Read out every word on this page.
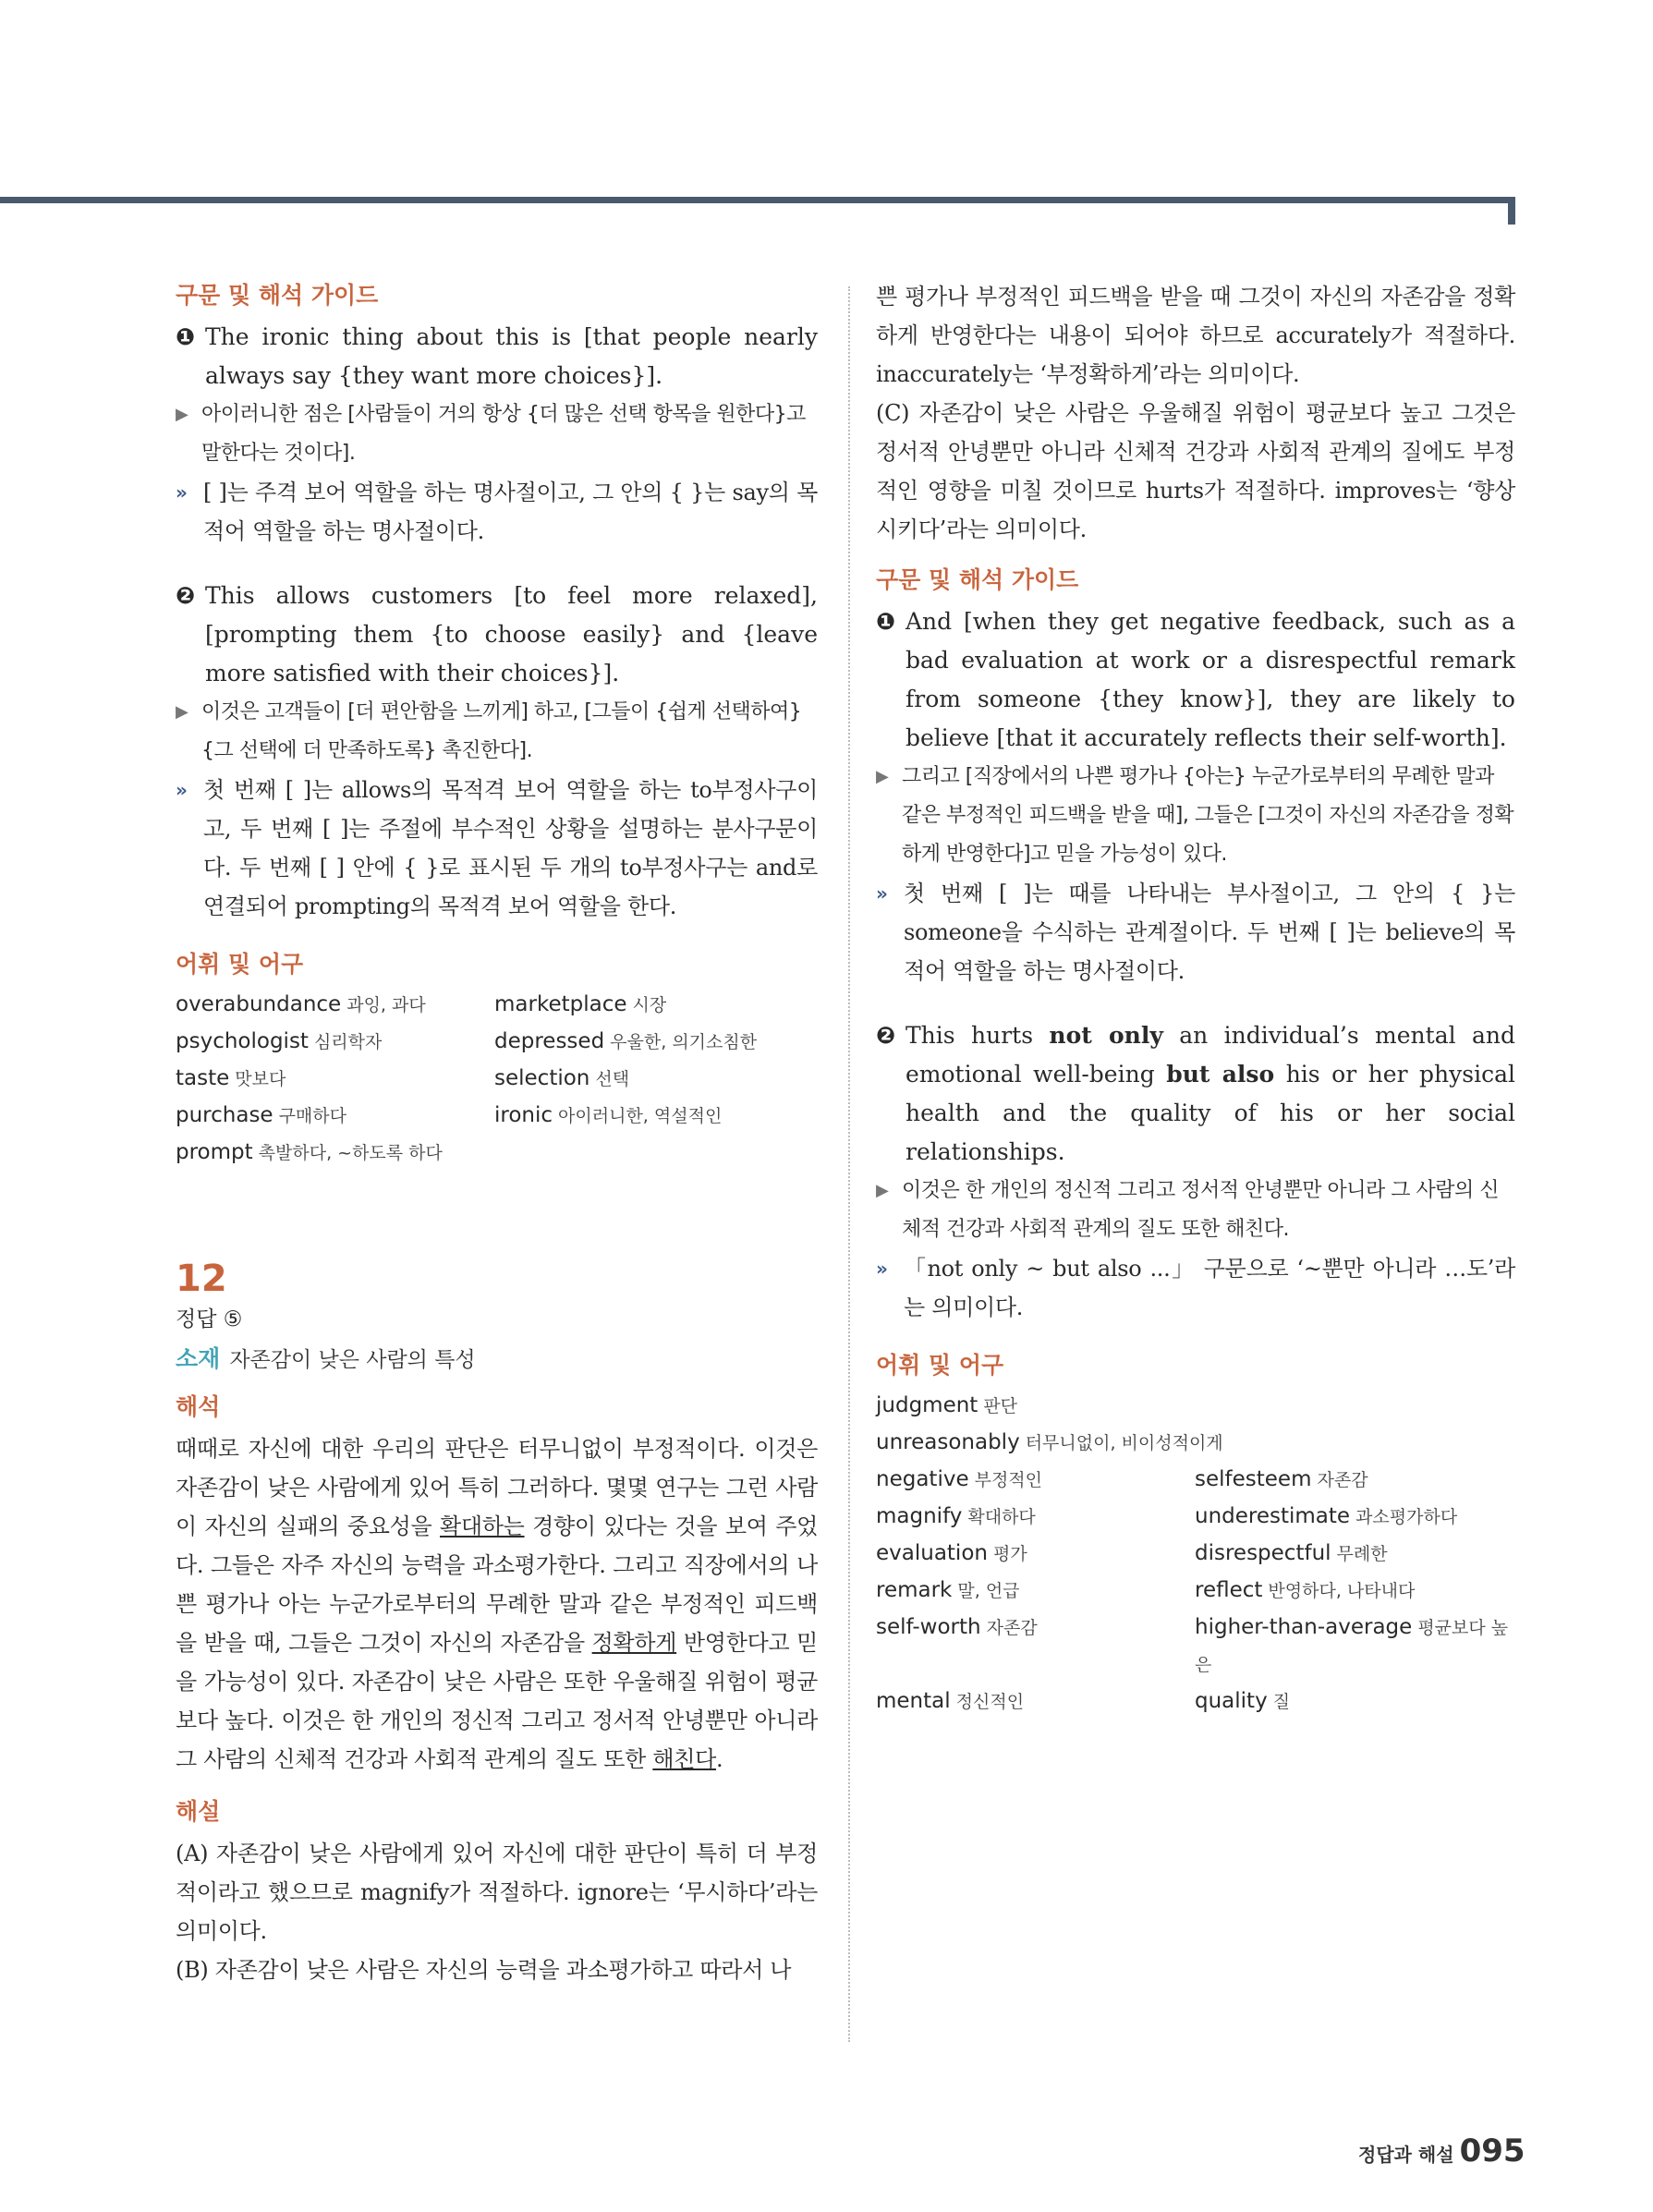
구문 및 해석 가이드
❶ The ironic thing about this is [that people nearly always say {they want more choices}].
▶ 아이러니한 점은 [사람들이 거의 항상 {더 많은 선택 항목을 원한다}고 말한다는 것이다].
» [ ]는 주격 보어 역할을 하는 명사절이고, 그 안의 { }는 say의 목적어 역할을 하는 명사절이다.
❷ This allows customers [to feel more relaxed], [prompting them {to choose easily} and {leave more satisfied with their choices}].
▶ 이것은 고객들이 [더 편안함을 느끼게] 하고, [그들이 {쉽게 선택하여} {그 선택에 더 만족하도록} 촉진한다].
» 첫 번째 [ ]는 allows의 목적격 보어 역할을 하는 to부정사구이고, 두 번째 [ ]는 주절에 부수적인 상황을 설명하는 분사구문이다. 두 번째 [ ] 안에 { }로 표시된 두 개의 to부정사구는 and로 연결되어 prompting의 목적격 보어 역할을 한다.
어휘 및 어구
overabundance 과잉, 과다	marketplace 시장
psychologist 심리학자	depressed 우울한, 의기소침한
taste 맛보다	selection 선택
purchase 구매하다	ironic 아이러니한, 역설적인
prompt 촉발하다, ~하도록 하다
12
정답 ⑤
소재 자존감이 낮은 사람의 특성
해석
때때로 자신에 대한 우리의 판단은 터무니없이 부정적이다. 이것은 자존감이 낮은 사람에게 있어 특히 그러하다. 몇몇 연구는 그런 사람이 자신의 실패의 중요성을 확대하는 경향이 있다는 것을 보여 주었다. 그들은 자주 자신의 능력을 과소평가한다. 그리고 직장에서의 나쁜 평가나 아는 누군가로부터의 무례한 말과 같은 부정적인 피드백을 받을 때, 그들은 그것이 자신의 자존감을 정확하게 반영한다고 믿을 가능성이 있다. 자존감이 낮은 사람은 또한 우울해질 위험이 평균보다 높다. 이것은 한 개인의 정신적 그리고 정서적 안녕뿐만 아니라 그 사람의 신체적 건강과 사회적 관계의 질도 또한 해친다.
해설
(A) 자존감이 낮은 사람에게 있어 자신에 대한 판단이 특히 더 부정적이라고 했으므로 magnify가 적절하다. ignore는 ‘무시하다’라는 의미이다.
(B) 자존감이 낮은 사람은 자신의 능력을 과소평가하고 따라서 나
쁜 평가나 부정적인 피드백을 받을 때 그것이 자신의 자존감을 정확하게 반영한다는 내용이 되어야 하므로 accurately가 적절하다. inaccurately는 ‘부정확하게’라는 의미이다.
(C) 자존감이 낮은 사람은 우울해질 위험이 평균보다 높고 그것은 정서적 안녕뿐만 아니라 신체적 건강과 사회적 관계의 질에도 부정적인 영향을 미칠 것이므로 hurts가 적절하다. improves는 ‘향상시키다’라는 의미이다.
구문 및 해석 가이드
❶ And [when they get negative feedback, such as a bad evaluation at work or a disrespectful remark from someone {they know}], they are likely to believe [that it accurately reflects their self-worth].
▶ 그리고 [직장에서의 나쁜 평가나 {아는} 누군가로부터의 무례한 말과 같은 부정적인 피드백을 받을 때], 그들은 [그것이 자신의 자존감을 정확하게 반영한다]고 믿을 가능성이 있다.
» 첫 번째 [ ]는 때를 나타내는 부사절이고, 그 안의 { }는 someone을 수식하는 관계절이다. 두 번째 [ ]는 believe의 목적어 역할을 하는 명사절이다.
❷ This hurts not only an individual’s mental and emotional well-being but also his or her physical health and the quality of his or her social relationships.
▶ 이것은 한 개인의 정신적 그리고 정서적 안녕뿐만 아니라 그 사람의 신체적 건강과 사회적 관계의 질도 또한 해친다.
» 「not only ~ but also ...」 구문으로 ‘~뿐만 아니라 …도’라는 의미이다.
어휘 및 어구
judgment 판단
unreasonably 터무니없이, 비이성적이게
negative 부정적인	selfesteem 자존감
magnify 확대하다	underestimate 과소평가하다
evaluation 평가	disrespectful 무례한
remark 말, 언급	reflect 반영하다, 나타내다
self-worth 자존감	higher-than-average 평균보다 높은
mental 정신적인	quality 질
정답과 해설 095
